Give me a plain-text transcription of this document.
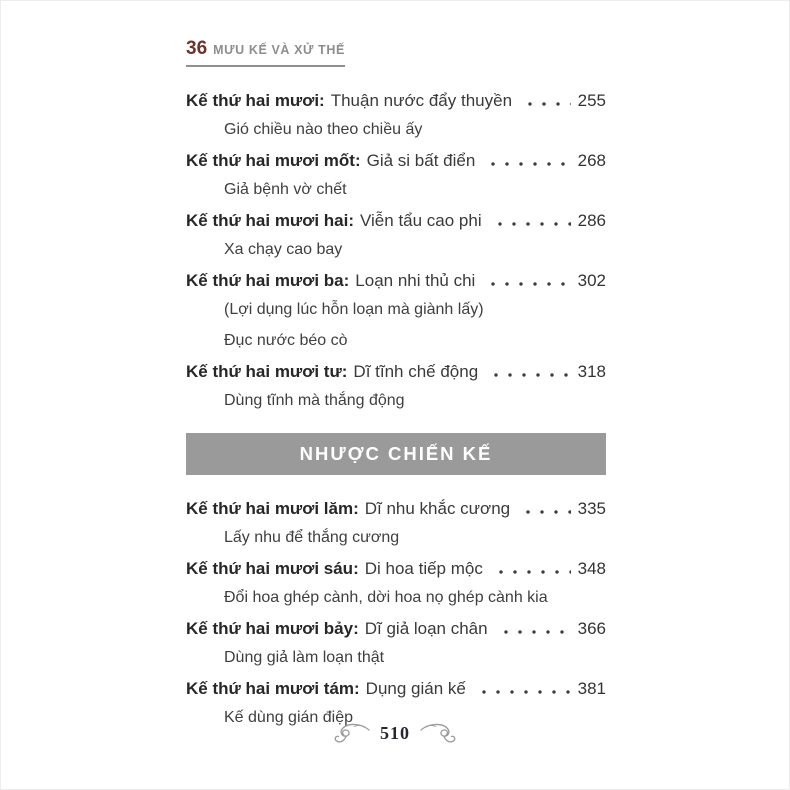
36 MƯU KẾ VÀ XỬ THẾ
Kế thứ hai mươi: Thuận nước đẩy thuyền	255
Gió chiều nào theo chiều ấy
Kế thứ hai mươi mốt: Giả si bất điển	268
Giả bệnh vờ chết
Kế thứ hai mươi hai: Viễn tẩu cao phi	286
Xa chạy cao bay
Kế thứ hai mươi ba: Loạn nhi thủ chi	302
(Lợi dụng lúc hỗn loạn mà giành lấy)
Đục nước béo cò
Kế thứ hai mươi tư: Dĩ tĩnh chế động	318
Dùng tĩnh mà thắng động
NHƯỢC CHIẾN KẾ
Kế thứ hai mươi lăm: Dĩ nhu khắc cương	335
Lấy nhu để thắng cương
Kế thứ hai mươi sáu: Di hoa tiếp mộc	348
Đổi hoa ghép cành, dời hoa nọ ghép cành kia
Kế thứ hai mươi bảy: Dĩ giả loạn chân	366
Dùng giả làm loạn thật
Kế thứ hai mươi tám: Dụng gián kế	381
Kế dùng gián điệp
510
